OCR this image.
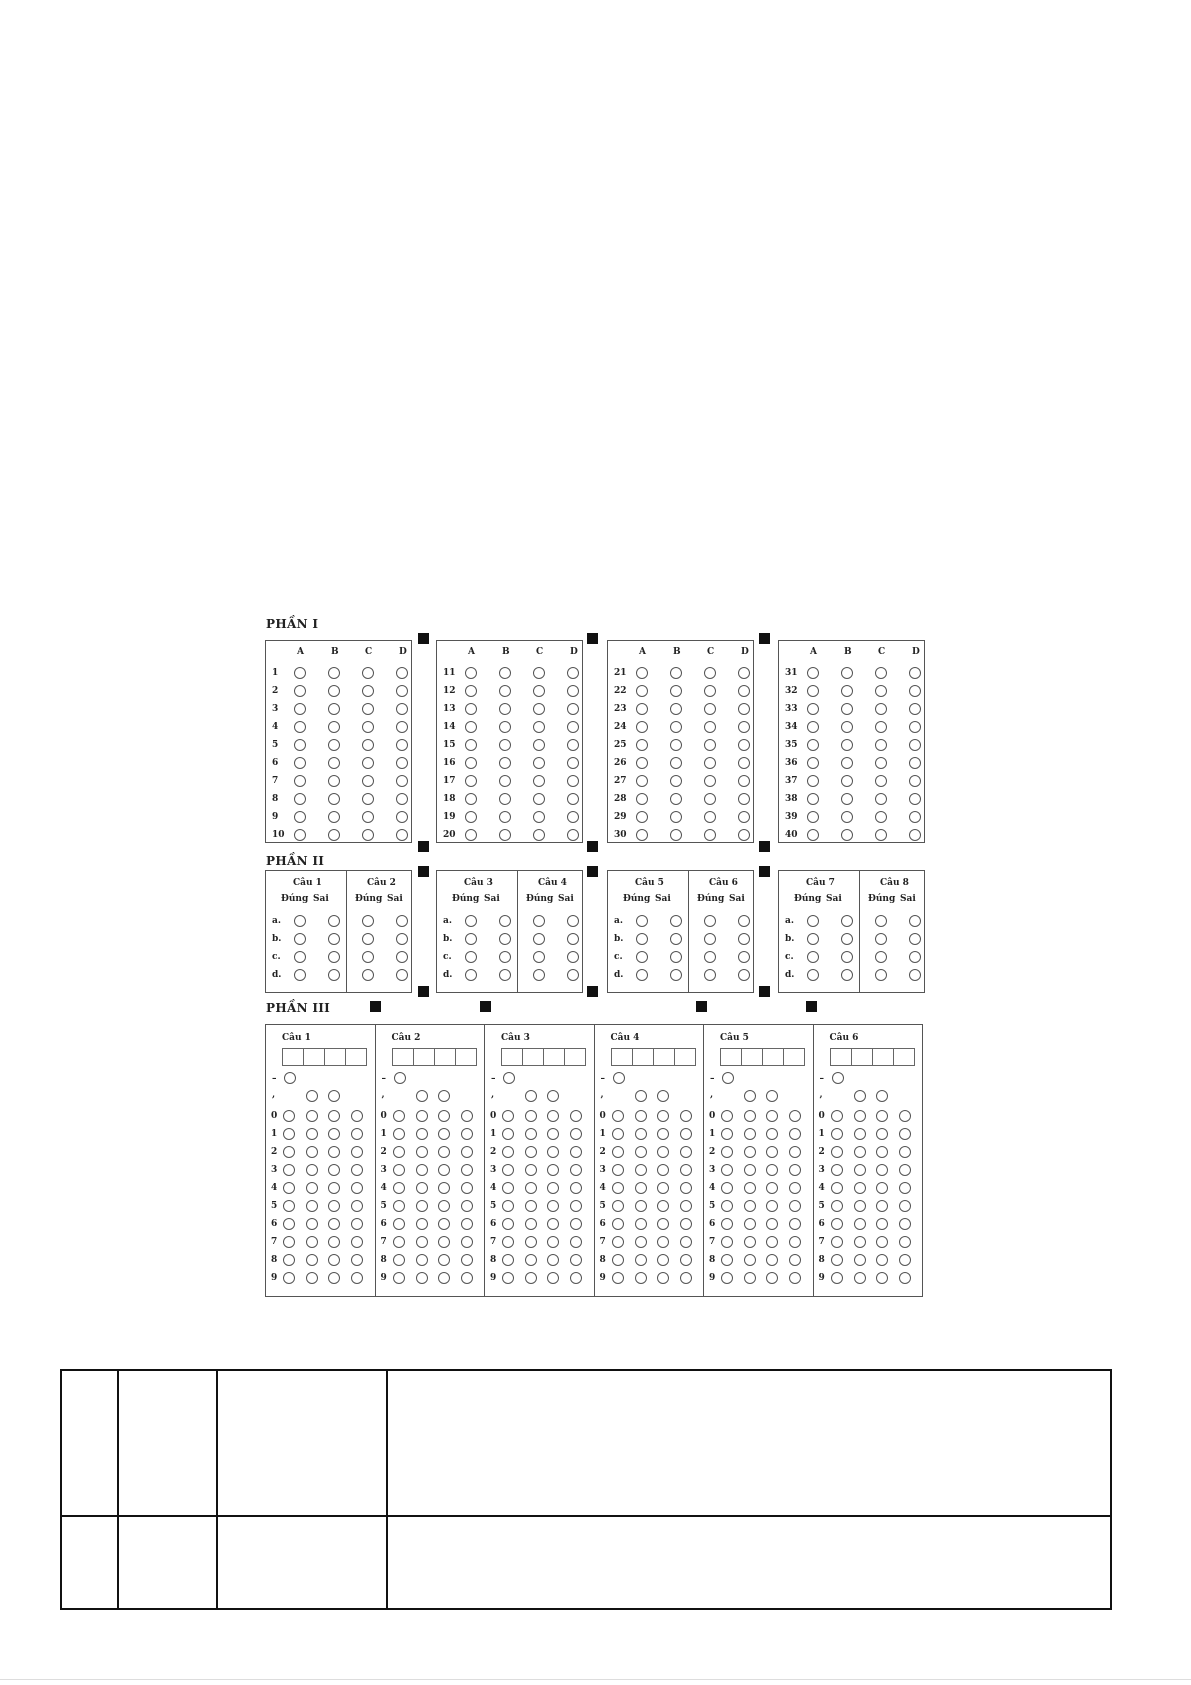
PHẦN I
A	B	C	D
1
2
3
4
5
6
7
8
9
10
A	B	C	D
11
12
13
14
15
16
17
18
19
20
A	B	C	D
21
22
23
24
25
26
27
28
29
30
A	B	C	D
31
32
33
34
35
36
37
38
39
40
PHẦN II
Câu 1
Đúng Sai
Câu 2
Đúng Sai
a.
b.
c.
d.
Câu 3
Đúng Sai
Câu 4
Đúng Sai
a.
b.
c.
d.
Câu 5
Đúng Sai
Câu 6
Đúng Sai
a.
b.
c.
d.
Câu 7
Đúng Sai
Câu 8
Đúng Sai
a.
b.
c.
d.
PHẦN III
Câu 1
–
,
0
1
2
3
4
5
6
7
8
9
Câu 2
–
,
0
1
2
3
4
5
6
7
8
9
Câu 3
–
,
0
1
2
3
4
5
6
7
8
9
Câu 4
–
,
0
1
2
3
4
5
6
7
8
9
Câu 5
–
,
0
1
2
3
4
5
6
7
8
9
Câu 6
–
,
0
1
2
3
4
5
6
7
8
9
